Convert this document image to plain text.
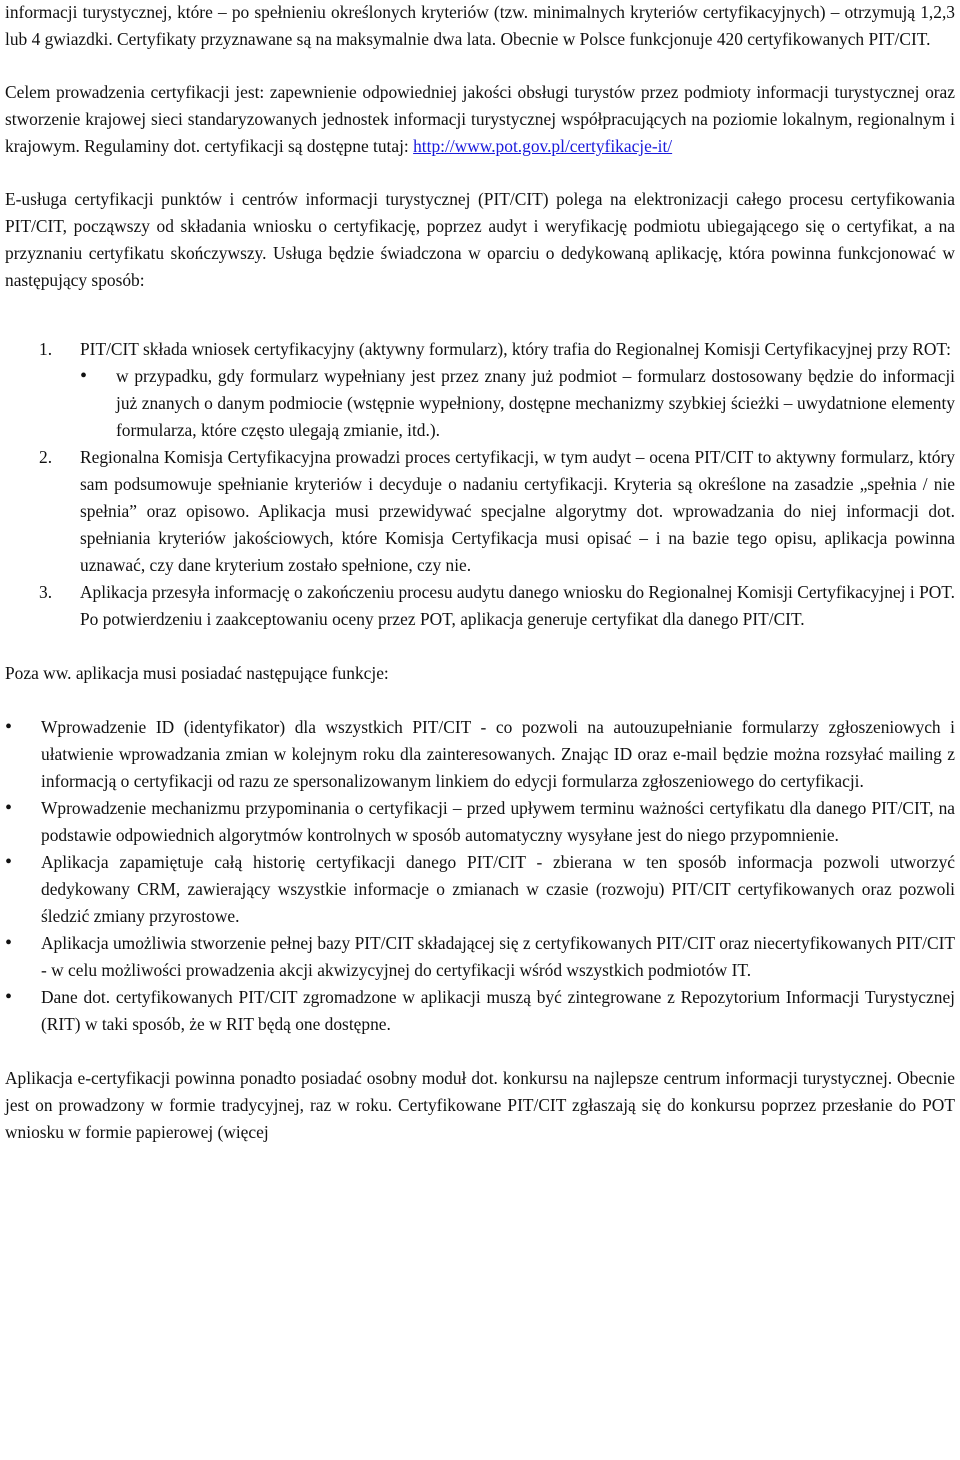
informacji turystycznej, które – po spełnieniu określonych kryteriów (tzw. minimalnych kryteriów certyfikacyjnych) – otrzymują 1,2,3 lub 4 gwiazdki. Certyfikaty przyznawane są na maksymalnie dwa lata. Obecnie w Polsce funkcjonuje 420 certyfikowanych PIT/CIT.

Celem prowadzenia certyfikacji jest: zapewnienie odpowiedniej jakości obsługi turystów przez podmioty informacji turystycznej oraz stworzenie krajowej sieci standaryzowanych jednostek informacji turystycznej współpracujących na poziomie lokalnym, regionalnym i krajowym. Regulaminy dot. certyfikacji są dostępne tutaj: http://www.pot.gov.pl/certyfikacje-it/

E-usługa certyfikacji punktów i centrów informacji turystycznej (PIT/CIT) polega na elektronizacji całego procesu certyfikowania PIT/CIT, począwszy od składania wniosku o certyfikację, poprzez audyt i weryfikację podmiotu ubiegającego się o certyfikat, a na przyznaniu certyfikatu skończywszy. Usługa będzie świadczona w oparciu o dedykowaną aplikację, która powinna funkcjonować w następujący sposób:

1. PIT/CIT składa wniosek certyfikacyjny (aktywny formularz), który trafia do Regionalnej Komisji Certyfikacyjnej przy ROT:
• w przypadku, gdy formularz wypełniany jest przez znany już podmiot – formularz dostosowany będzie do informacji już znanych o danym podmiocie (wstępnie wypełniony, dostępne mechanizmy szybkiej ścieżki – uwydatnione elementy formularza, które często ulegają zmianie, itd.).
2. Regionalna Komisja Certyfikacyjna prowadzi proces certyfikacji, w tym audyt – ocena PIT/CIT to aktywny formularz, który sam podsumowuje spełnianie kryteriów i decyduje o nadaniu certyfikacji. Kryteria są określone na zasadzie „spełnia / nie spełnia” oraz opisowo. Aplikacja musi przewidywać specjalne algorytmy dot. wprowadzania do niej informacji dot. spełniania kryteriów jakościowych, które Komisja Certyfikacja musi opisać – i na bazie tego opisu, aplikacja powinna uznawać, czy dane kryterium zostało spełnione, czy nie.
3. Aplikacja przesyła informację o zakończeniu procesu audytu danego wniosku do Regionalnej Komisji Certyfikacyjnej i POT. Po potwierdzeniu i zaakceptowaniu oceny przez POT, aplikacja generuje certyfikat dla danego PIT/CIT.

Poza ww. aplikacja musi posiadać następujące funkcje:

• Wprowadzenie ID (identyfikator) dla wszystkich PIT/CIT - co pozwoli na autouzupełnianie formularzy zgłoszeniowych i ułatwienie wprowadzania zmian w kolejnym roku dla zainteresowanych. Znając ID oraz e-mail będzie można rozsyłać mailing z informacją o certyfikacji od razu ze spersonalizowanym linkiem do edycji formularza zgłoszeniowego do certyfikacji.
• Wprowadzenie mechanizmu przypominania o certyfikacji – przed upływem terminu ważności certyfikatu dla danego PIT/CIT, na podstawie odpowiednich algorytmów kontrolnych w sposób automatyczny wysyłane jest do niego przypomnienie.
• Aplikacja zapamiętuje całą historię certyfikacji danego PIT/CIT - zbierana w ten sposób informacja pozwoli utworzyć dedykowany CRM, zawierający wszystkie informacje o zmianach w czasie (rozwoju) PIT/CIT certyfikowanych oraz pozwoli śledzić zmiany przyrostowe.
• Aplikacja umożliwia stworzenie pełnej bazy PIT/CIT składającej się z certyfikowanych PIT/CIT oraz niecertyfikowanych PIT/CIT - w celu możliwości prowadzenia akcji akwizycyjnej do certyfikacji wśród wszystkich podmiotów IT.
• Dane dot. certyfikowanych PIT/CIT zgromadzone w aplikacji muszą być zintegrowane z Repozytorium Informacji Turystycznej (RIT) w taki sposób, że w RIT będą one dostępne.

Aplikacja e-certyfikacji powinna ponadto posiadać osobny moduł dot. konkursu na najlepsze centrum informacji turystycznej. Obecnie jest on prowadzony w formie tradycyjnej, raz w roku. Certyfikowane PIT/CIT zgłaszają się do konkursu poprzez przesłanie do POT wniosku w formie papierowej (więcej
